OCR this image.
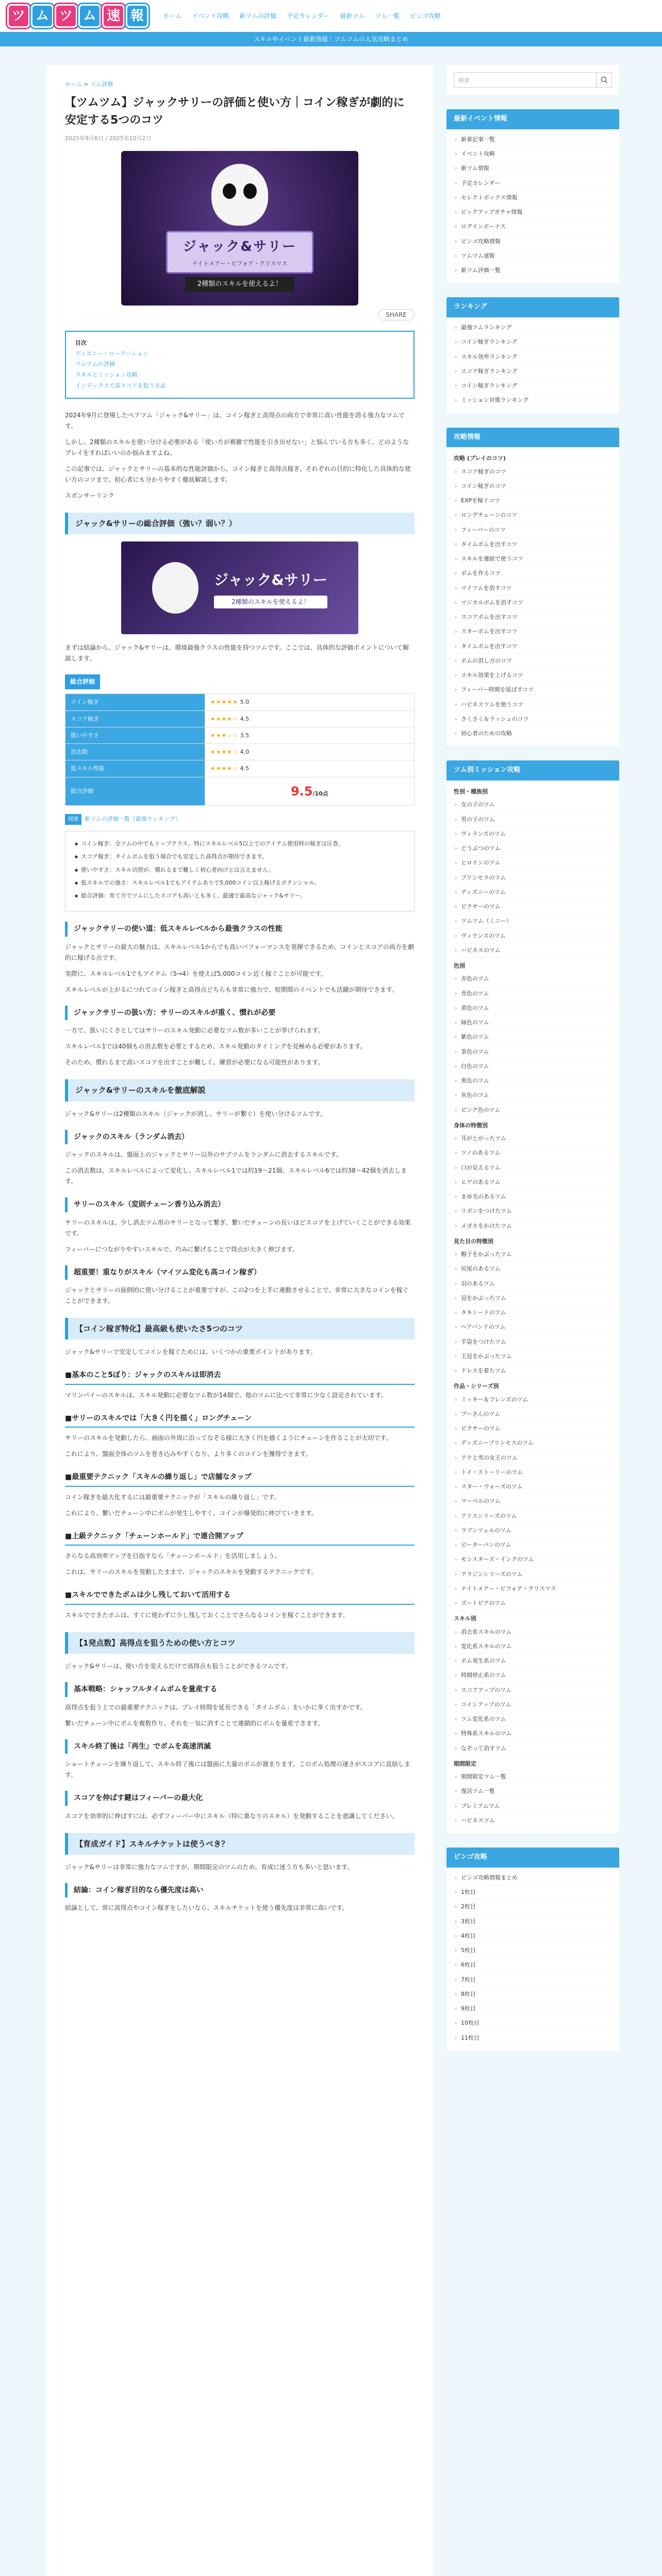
ツ ム ツ ム 速 報	ホーム	イベント攻略	新ツムの評価	予定カレンダー	最新ツム	ツム一覧	ビンゴ攻略
スキルやイベント最新情報｜ツムツムの人気攻略まとめ
ホーム > ツム評価
【ツムツム】ジャックサリーの評価と使い方｜コイン稼ぎが劇的に安定する5つのコツ
2025年9月6日 / 2025年10月2日
ジャック&サリー
ナイトメアー・ビフォア・クリスマス
2種類のスキルを使えるよ！
SHARE
目次
ディズニー・ローテーション
ツムツムの評価
スキルとミッション攻略
インデックスで高スコアを狙う方法

2024年9月に登場したペアツム「ジャック&サリー」は、コイン稼ぎと高得点の両方で非常に高い性能を誇る強力なツムです。

しかし、2種類のスキルを使い分ける必要がある「使い方が複雑で性能を引き出せない」と悩んでいる方も多く、どのようなプレイをすればいいのか悩みますよね。

この記事では、ジャックとサリーの基本的な性能評価から、コイン稼ぎと高得点稼ぎ、それぞれの目的に特化した具体的な使い方のコツまで、初心者にも分かりやすく徹底解説します。

スポンサーリンク

ジャック&サリーの総合評価（強い？弱い？）
ジャック&サリー
2種類のスキルを使えるよ！

まずは結論から、ジャック&サリーは、環境最強クラスの性能を持つツムです。ここでは、具体的な評価ポイントについて解説します。

総合評価
コイン稼ぎ	★★★★★ 5.0
スコア稼ぎ	★★★★☆ 4.5
扱いやすさ	★★★☆☆ 3.5
消去数	★★★★☆ 4.0
低スキル性能	★★★★☆ 4.5
総合評価	9.5/10点
関連 新ツムの評価一覧（最強ランキング）
● コイン稼ぎ：全ツムの中でもトップクラス。特にスキルレベル5以上でのアイテム使用時の稼ぎは圧巻。
● スコア稼ぎ：タイムボムを狙う場合でも安定した高得点が期待できます。
● 使いやすさ：スキル切替が、慣れるまで難しく初心者向けとは言えません。
● 低スキルでの強さ：スキルレベル1でもアイテムありで5,000コイン以上稼げるポテンシャル。
● 総合評価：育て方でツムにしたスコアも高いとも多く、最適で最高なジャック&サリー。
ジャックサリーの使い道：低スキルレベルから最強クラスの性能

ジャックとサリーの最大の魅力は、スキルレベル1からでも高いパフォーマンスを発揮できるため、コインとスコアの両方を劇的に稼げる点です。

実際に、スキルレベル1でもアイテム（5→4）を使えば5,000コイン近く稼ぐことが可能です。

スキルレベルが上がるにつれてコイン稼ぎと高得点どちらも非常に強力で、短期間のイベントでも活躍が期待できます。

ジャックサリーの扱い方：サリーのスキルが重く、慣れが必要

一方で、扱いにくさとしてはサリーのスキル発動に必要なツム数が多いことが挙げられます。

スキルレベル1では40個もの消去数を必要とするため、スキル発動のタイミングを見極める必要があります。

そのため、慣れるまで高いスコアを出すことが難しく、練習が必要になる可能性があります。

ジャック&サリーのスキルを徹底解説

ジャック&サリーは2種類のスキル（ジャックが消し、サリーが繋ぐ）を使い分けるツムです。

ジャックのスキル（ランダム消去）

ジャックのスキルは、盤面上のジャックとサリー以外のサブツムをランダムに消去するスキルです。

この消去数は、スキルレベルによって変化し、スキルレベル1では約19〜21個、スキルレベル6では約38〜42個を消去します。

サリーのスキル（変則チェーン香り込み消去）

サリーのスキルは、少し消去ツム用のサリーとなって繋ぎ、繋いだチェーンの長いほどスコアを上げていくことができる効果です。

フィーバーにつながりやすいスキルで、巧みに繋げることで得点が大きく伸びます。

超重要！重なりがスキル（マイツム変化も高コイン稼ぎ）

ジャックとサリーの面倒的に使い分けることが重要ですが、この2つを上手に連動させることで、非常に大きなコインを稼ぐことができます。

【コイン稼ぎ特化】最高級も使いたさ5つのコツ

ジャック&サリーで安定してコインを稼ぐためには、いくつかの重要ポイントがあります。

■基本のこと5ぼり：ジャックのスキルは即消去

マリンパイーのスキルは、スキル発動に必要なツム数が14個で、他のツムに比べて非常に少なく設定されています。

■サリーのスキルでは「大きく円を描く」ロングチェーン

サリーのスキルを発動したら、画面の外周に沿ってなぞる様に大きく円を描くようにチェーンを作ることが大切です。

これにより、盤面全体のツムを巻き込みやすくなり、より多くのコインを獲得できます。

■最重要テクニック「スキルの繰り返し」で店舗なタップ

コイン稼ぎを最大化するには最重要テクニックが「スキルの繰り返し」です。

これにより、繋いだチェーン中にボムが発生しやすく、コインが爆発的に伸びていきます。

■上級テクニック「チェーンホールド」で連合開アップ

さらなる高効率アップを目指すなら「チェーンホールド」を活用しましょう。

これは、サリーのスキルを発動したままで、ジャックのスキルを発動するテクニックです。

■スキルでできたボムは少し残しておいて活用する

スキルでできたボムは、すぐに使わずに少し残しておくことでさらなるコインを稼ぐことができます。

【1発点数】高得点を狙うための使い方とコツ

ジャック&サリーは、使い方を変えるだけで高得点も狙うことができるツムです。

基本戦略：シャッフルタイムボムを量産する

高得点を狙う上での最重要テクニックは、プレイ時間を延長できる「タイムボム」をいかに多く出すかです。

繋いだチェーン中にボムを複数作り、それを一気に消すことで連鎖的にボムを量産できます。

スキル終了後は「再生」でボムを高速消滅

ショートチェーンを繰り返して、スキル終了後には盤面に大量のボムが溜まります。このボム処理の速さがスコアに直結します。

スコアを伸ばす鍵はフィーバーの最大化

スコアを効率的に伸ばすには、必ずフィーバー中にスキル（特に重なりのスキル）を発動することを意識してください。

【育成ガイド】スキルチケットは使うべき？

ジャック&サリーは非常に強力なツムですが、期間限定のツムのため、育成に迷う方も多いと思います。

結論：コイン稼ぎ目的なら優先度は高い

結論として、常に高得点やコイン稼ぎをしたいなら、スキルチケットを使う優先度は非常に高いです。

検索
最新イベント情報
› 新着記事一覧
› イベント攻略
› 新ツム情報
› 予定カレンダー
› セレクトボックス情報
› ピックアップガチャ情報
› ログインボーナス
› ビンゴ攻略情報
› ツムツム速報
› 新ツム評価一覧
ランキング
› 最強ツムランキング
› コイン稼ぎランキング
› スキル効率ランキング
› スコア稼ぎランキング
› コイン稼ぎランキング
› ミッション対策ランキング
攻略情報
攻略 (プレイのコツ)
› スコア稼ぎのコツ
› コイン稼ぎのコツ
› EXPを稼ぐコツ
› ロングチェーンのコツ
› フィーバーのコツ
› タイムボムを出すコツ
› スキルを連続で使うコツ
› ボムを作るコツ
› マイツムを消すコツ
› マジカルボムを消すコツ
› スコアボムを出すコツ
› スターボムを出すコツ
› タイムボムを出すコツ
› ボムの消し方のコツ
› スキル効果を上げるコツ
› フィーバー時間を延ばすコツ
› ハピネスツムを使うコツ
› さくさく＆ラッシュのコツ
› 初心者のための攻略
ツム別ミッション攻略
性別・種族別
› 女の子のツム
› 男の子のツム
› ヴィランズのツム
› どうぶつのツム
› ヒロインのツム
› プリンセスのツム
› ディズニーのツム
› ピクサーのツム
› ツムツム（ミニー）
› ヴィランズのツム
› ハピネスのツム
色別
› 赤色のツム
› 青色のツム
› 黄色のツム
› 緑色のツム
› 紫色のツム
› 茶色のツム
› 白色のツム
› 黒色のツム
› 灰色のツム
› ピンク色のツム
身体の特徴別
› 耳がとがったツム
› ツノのあるツム
› 口が見えるツム
› ヒゲのあるツム
› まゆ毛のあるツム
› リボンをつけたツム
› メガネをかけたツム
見た目の特徴別
› 帽子をかぶったツム
› 尻尾のあるツム
› 羽のあるツム
› 冠をかぶったツム
› タキシードのツム
› ヘアバンドのツム
› 手袋をつけたツム
› 王冠をかぶったツム
› ドレスを着たツム
作品・シリーズ別
› ミッキー＆フレンズのツム
› プーさんのツム
› ピクサーのツム
› ディズニープリンセスのツム
› アナと雪の女王のツム
› トイ・ストーリーのツム
› スター・ウォーズのツム
› マーベルのツム
› アリスシリーズのツム
› ラプンツェルのツム
› ピーターパンのツム
› モンスターズ・インクのツム
› アラジンシリーズのツム
› ナイトメアー・ビフォア・クリスマス
› ズートピアのツム
スキル別
› 消去系スキルのツム
› 変化系スキルのツム
› ボム発生系のツム
› 時間停止系のツム
› スコアアップのツム
› コインアップのツム
› ツム変化系のツム
› 特殊系スキルのツム
› なぞって消すツム
期間限定
› 期間限定ツム一覧
› 復活ツム一覧
› プレミアムツム
› ハピネスツム
ビンゴ攻略
› ビンゴ攻略情報まとめ
› 1枚目
› 2枚目
› 3枚目
› 4枚目
› 5枚目
› 6枚目
› 7枚目
› 8枚目
› 9枚目
› 10枚目
› 11枚目
